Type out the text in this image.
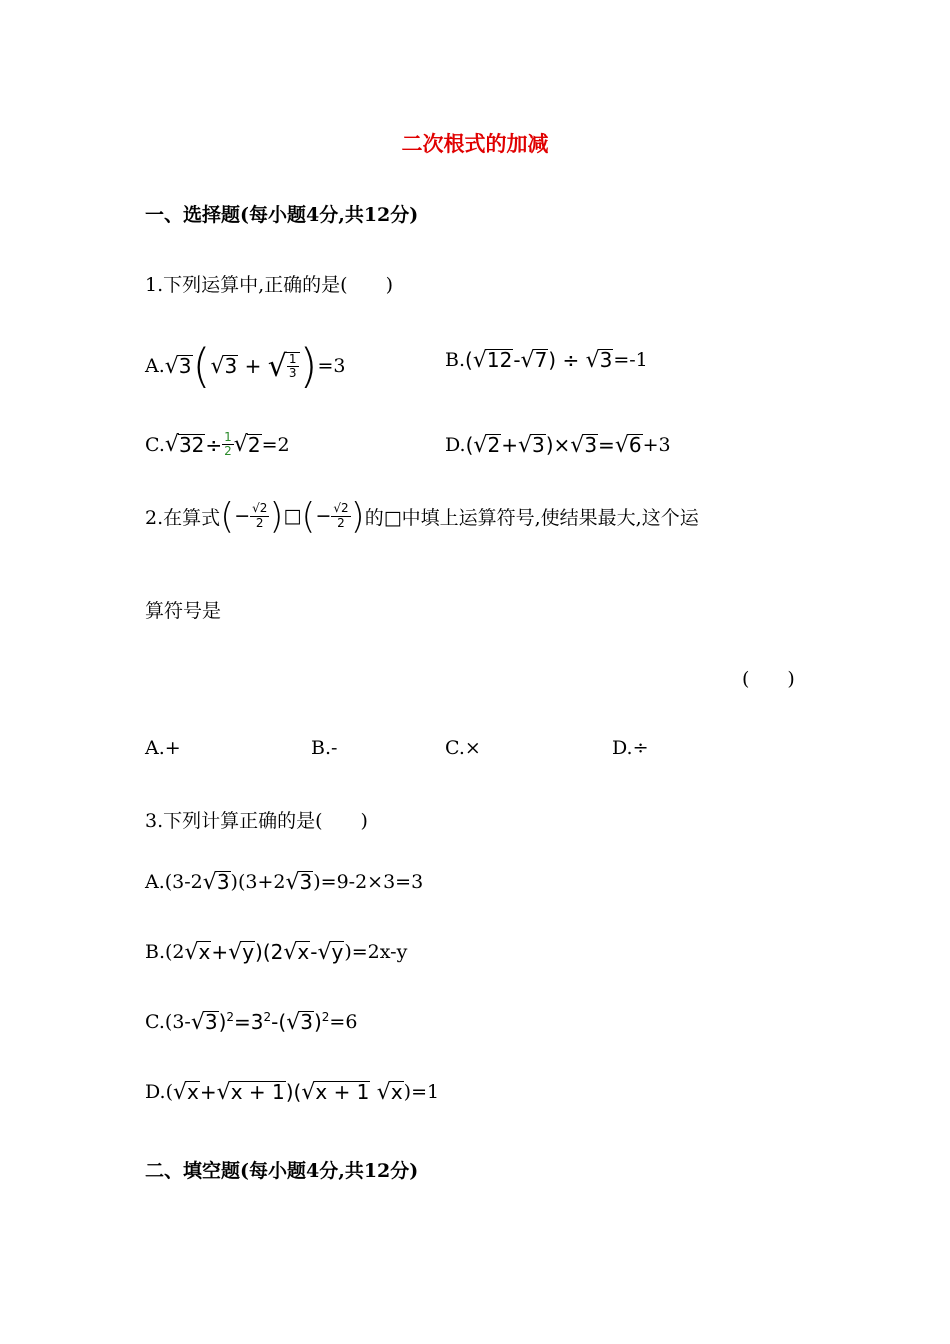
二次根式的加减
一、选择题(每小题4分,共12分)
1.下列运算中,正确的是(　　)
A. √ 3 ( √ 3 + √ $\frac{1}{3}$ ) =3	B. (√12-√7) ÷ √3 =-1
C. √ $32 \div \frac{1}{2}$ √ 2 =2	D. (√2+√3)×√3=√6 +3
2.在算式 ( − $\frac{√2}{2}$ ) □ ( − $\frac{√2}{2}$ ) 的□中填上运算 符号,使结果最大,这个运
算符号是
(　　)
A.+	B.-	C.×	D.÷
3.下列计算正确的是(　　)
A.(3-2 √3 )(3+2 √3 )=9-2×3=3
B.(2 √x+√y)(2√x-√y )=2x-y
C.(3- $√3)^2=3^2-(√3)^2 =6$
D.( √x+√x + 1)(√x + 1 √x )=1
二、填空题(每小题4分,共12分)
